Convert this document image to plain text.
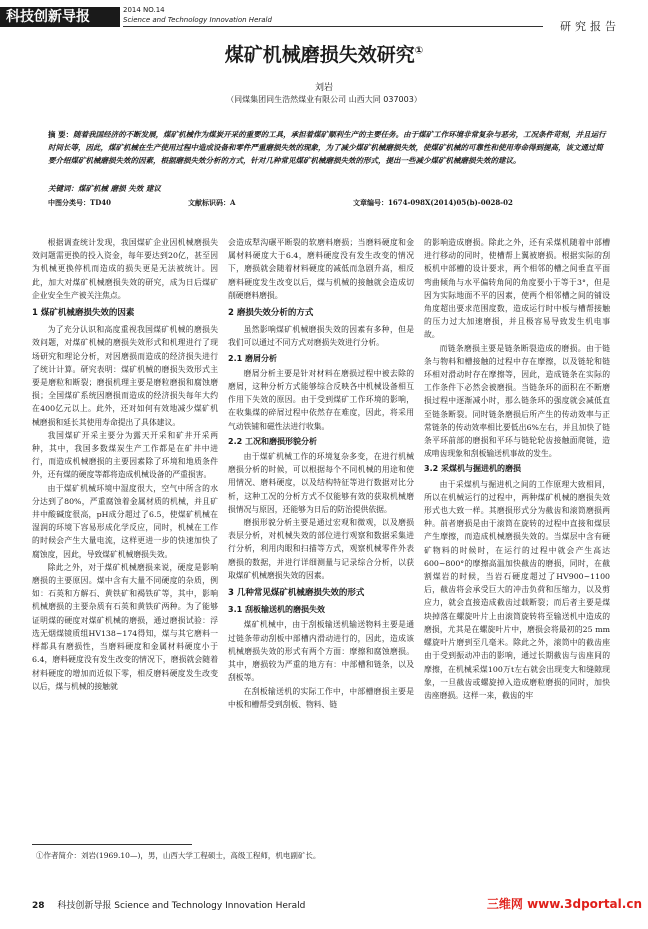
科技创新导报	2014 NO.14
Science and Technology Innovation Herald	研究报告
煤矿机械磨损失效研究①
刘岩
（同煤集团同生浩然煤业有限公司 山西大同 037003）
摘 要：随着我国经济的不断发展，煤矿机械作为煤炭开采的重要的工具，承担着煤矿顺利生产的主要任务。由于煤矿工作环境非常复杂与恶劣，工况条件苛刻，并且运行时间长等，因此，煤矿机械在生产使用过程中造成设备和零件严重磨损失效的现象，为了减少煤矿机械磨损失效，使煤矿机械的可靠性和使用寿命得到提高，该文通过简要介绍煤矿机械磨损失效的因素，根据磨损失效分析的方式，针对几种常见煤矿机械磨损失效的形式，提出一些减少煤矿机械磨损失效的建议。
关键词：煤矿机械 磨损 失效 建议
中图分类号：TD40	文献标识码：A	文章编号：1674-098X(2014)05(b)-0028-02

根据调查统计发现，我国煤矿企业因机械磨损失效问题需更换的投入资金，每年要达到20亿，甚至因为机械更换停机而造成的损失更是无法被统计。因此，加大对煤矿机械磨损失效的研究，成为日后煤矿企业安全生产被关注焦点。

1 煤矿机械磨损失效的因素

为了充分认识和高度重视我国煤矿机械的磨损失效问题，对煤矿机械的磨损失效形式和机理进行了现场研究和理论分析，对因磨损而造成的经济损失进行了统计计算。研究表明：煤矿机械的磨损失效形式主要是磨粒和断裂；磨损机理主要是磨粒磨损和腐蚀磨损；全国煤矿系统因磨损而造成的经济损失每年大约在400亿元以上。此外，还对如何有效地减少煤矿机械磨损和延长其使用寿命提出了具体建议。

我国煤矿开采主要分为露天开采和矿井开采两种，其中，我国多数煤炭生产工作都是在矿井中进行，而造成机械磨损的主要因素除了环境和地质条件外，还有煤的硬度等都将造成机械设备的严重损害。

由于煤矿机械环境中湿度很大，空气中所含的水分达到了80%，严重腐蚀着金属材质的机械，并且矿井中酸碱度很高，pH成分超过了6.5，使煤矿机械在湿润的环境下容易形成化学反应，同时，机械在工作的时候会产生大量电流，这样更进一步的快速加快了腐蚀度，因此，导致煤矿机械磨损失效。

除此之外，对于煤矿机械磨损来说，硬度是影响磨损的主要原因。煤中含有大量不同硬度的杂质，例如：石英和方解石、黄铁矿和褐铁矿等，其中，影响机械磨损的主要杂质有石英和黄铁矿两种。为了能够证明煤的硬度对煤矿机械的磨损，通过磨损试验：浮选无烟煤镜质组HV138~174得知，煤与其它磨料一样都具有磨损性，当磨料硬度和金属材料硬度小于6.4，磨料硬度没有发生改变的情况下，磨损就会随着材料硬度的增加而近似下零，相反磨料硬度发生改变以后，煤与机械的接触就

会造成犁沟碾平断裂的软磨料磨损；当磨料硬度和金属材料硬度大于6.4，磨料硬度没有发生改变的情况下，磨损就会随着材料硬度的减低而急剧升高，相反磨料硬度发生改变以后，煤与机械的接触就会造成切削硬磨料磨损。

2 磨损失效分析的方式

虽然影响煤矿机械磨损失效的因素有多种，但是我们可以通过不同方式对磨损失效进行分析。

2.1 磨屑分析

磨屑分析主要是针对材料在磨损过程中被去除的磨屑，这种分析方式能够综合反映各中机械设备相互作用下失效的原因。由于受到煤矿工作环境的影响，在收集煤的碎屑过程中依然存在难度，因此，将采用气动铁铺和磁性法进行收集。

2.2 工况和磨损形貌分析

由于煤矿机械工作的环境复杂多变，在进行机械磨损分析的时候，可以根据每个不同机械的用途和使用情况、磨料硬度，以及结构特征等进行数据对比分析，这种工况的分析方式不仅能够有效的获取机械磨损情况与原因，还能够为日后的防治提供依据。

磨损形貌分析主要是通过宏观和微观，以及磨损表层分析，对机械失效的部位进行观察和数据采集进行分析，利用肉眼和扫描等方式，观察机械零件外表磨损的数据，并进行详细测量与记录综合分析，以获取煤矿机械磨损失效的因素。

3 几种常见煤矿机械磨损失效的形式
3.1 刮板输送机的磨损失效

煤矿机械中，由于刮板输送机输送物料主要是通过链条带动刮板中部槽内滑动进行的，因此，造成该机械磨损失效的形式有两个方面：摩擦和腐蚀磨损。其中，磨损较为严重的地方有：中部槽和链条，以及刮板等。

在刮板输送机的实际工作中，中部槽磨损主要是中板和槽帮受到刮板、物料、链

的影响造成磨损。除此之外，还有采煤机随着中部槽进行移动的同时，使槽帮上翼被磨损。根据实际的刮板机中部槽的设计要求，两个相邻的槽之间垂直平面弯曲倾角与水平偏转角间的角度要小于等于3°，但是因为实际地面不平的因素，使两个相邻槽之间的铺设角度超出要求范围度数，造成运行时中板与槽帮接触的压力过大加速磨损，并且极容易导致发生机电事故。

而链条磨损主要是链条断裂造成的磨损。由于链条与物料和槽接触的过程中存在摩擦，以及链轮和链环相对滑动时存在摩擦等，因此，造成链条在实际的工作条件下必然会被磨损。当链条环的面积在不断磨损过程中逐渐减小时，那么链条环的强度就会减低直至链条断裂。同时链条磨损后所产生的传动效率与正常链条的传动效率相比要低出6%左右，并且加快了链条平环前部的磨损和平环与链轮轮齿接触面爬链，造成啃齿现象和刮板输送机事故的发生。

3.2 采煤机与掘进机的磨损

由于采煤机与掘进机之间的工作原理大致相同，所以在机械运行的过程中，两种煤矿机械的磨损失效形式也大致一样。其磨损形式分为截齿和滚筒磨损两种。前者磨损是由于滚筒在旋转的过程中直接和煤层产生摩擦，而造成机械磨损失效的。当煤层中含有硬矿物料的时候时，在运行的过程中就会产生高达600~800°的摩擦高温加快截齿的磨损，同时，在截割煤岩的时候，当岩石硬度超过了HV900~1100后，截齿将会承受巨大的冲击负荷和压缩力，以及剪应力，就会直接造成截齿过载断裂；而后者主要是煤块掉落在螺旋叶片上由滚筒旋转将至输送机中造成的磨损，尤其是在螺旋叶片中，磨损会将最初的25 mm螺旋叶片磨到至几毫米。除此之外，滚筒中的截齿座由于受到振动冲击的影响，通过长期截齿与齿座间的摩擦，在机械采煤100万t左右就会出现变大和缝隙现象，一旦截齿或螺旋掉入造成磨粒磨损的同时，加快齿座磨损。这样一来，截齿的牢

①作者简介：刘岩(1969.10—)，男，山西大学工程硕士，高级工程师，机电副矿长。
28 科技创新导报 Science and Technology Innovation Herald	三维网 www.3dportal.cn
